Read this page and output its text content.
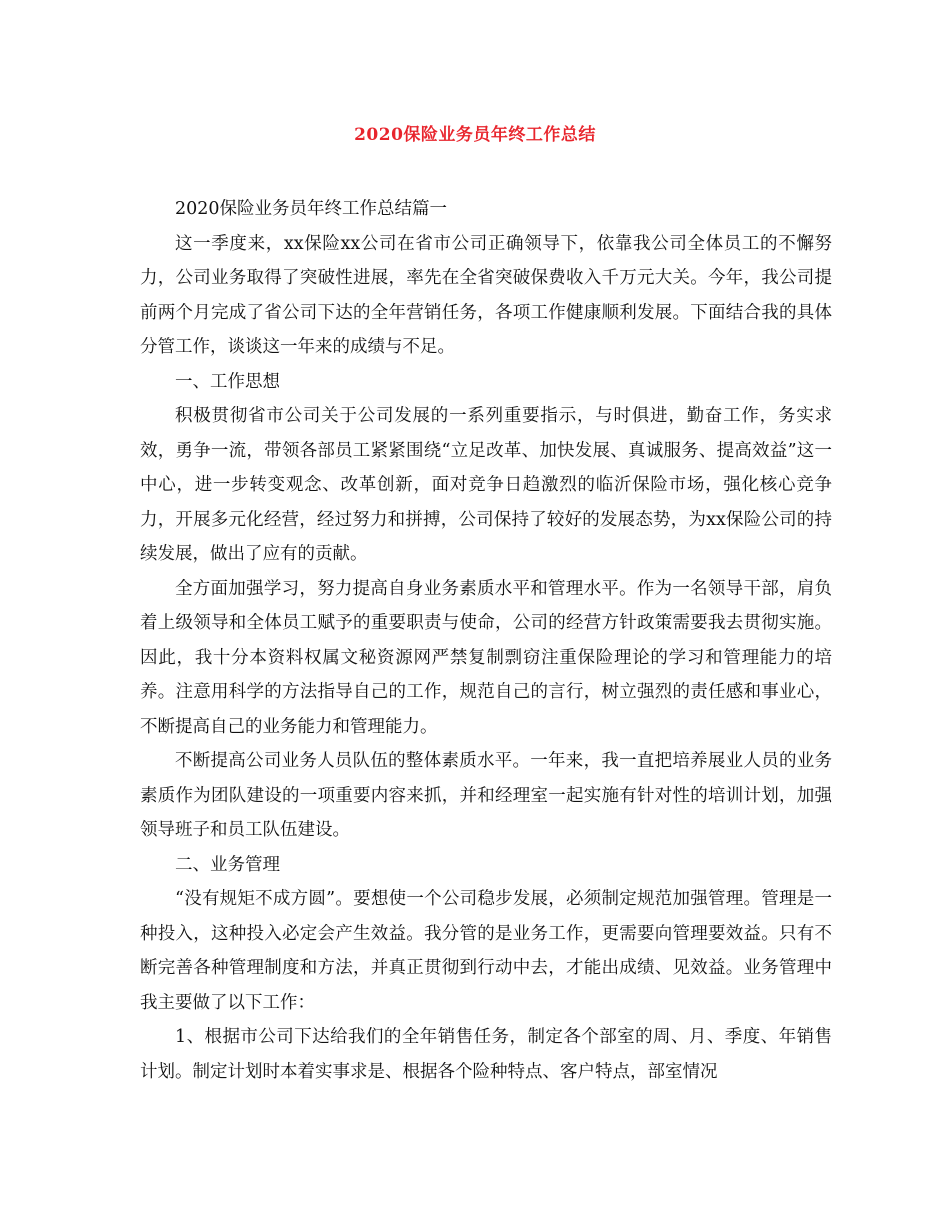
2020保险业务员年终工作总结

2020保险业务员年终工作总结篇一

这一季度来，xx保险xx公司在省市公司正确领导下，依靠我公司全体员工的不懈努力，公司业务取得了突破性进展，率先在全省突破保费收入千万元大关。今年，我公司提前两个月完成了省公司下达的全年营销任务，各项工作健康顺利发展。下面结合我的具体分管工作，谈谈这一年来的成绩与不足。

一、工作思想

积极贯彻省市公司关于公司发展的一系列重要指示，与时俱进，勤奋工作，务实求效，勇争一流，带领各部员工紧紧围绕“立足改革、加快发展、真诚服务、提高效益”这一中心，进一步转变观念、改革创新，面对竞争日趋激烈的临沂保险市场，强化核心竞争力，开展多元化经营，经过努力和拼搏，公司保持了较好的发展态势，为xx保险公司的持续发展，做出了应有的贡献。

全方面加强学习，努力提高自身业务素质水平和管理水平。作为一名领导干部，肩负着上级领导和全体员工赋予的重要职责与使命，公司的经营方针政策需要我去贯彻实施。因此，我十分本资料权属文秘资源网严禁复制剽窃注重保险理论的学习和管理能力的培养。注意用科学的方法指导自己的工作，规范自己的言行，树立强烈的责任感和事业心，不断提高自己的业务能力和管理能力。

不断提高公司业务人员队伍的整体素质水平。一年来，我一直把培养展业人员的业务素质作为团队建设的一项重要内容来抓，并和经理室一起实施有针对性的培训计划，加强领导班子和员工队伍建设。

二、业务管理

“没有规矩不成方圆”。要想使一个公司稳步发展，必须制定规范加强管理。管理是一种投入，这种投入必定会产生效益。我分管的是业务工作，更需要向管理要效益。只有不断完善各种管理制度和方法，并真正贯彻到行动中去，才能出成绩、见效益。业务管理中我主要做了以下工作：

1、根据市公司下达给我们的全年销售任务，制定各个部室的周、月、季度、年销售计划。制定计划时本着实事求是、根据各个险种特点、客户特点，部室情况
